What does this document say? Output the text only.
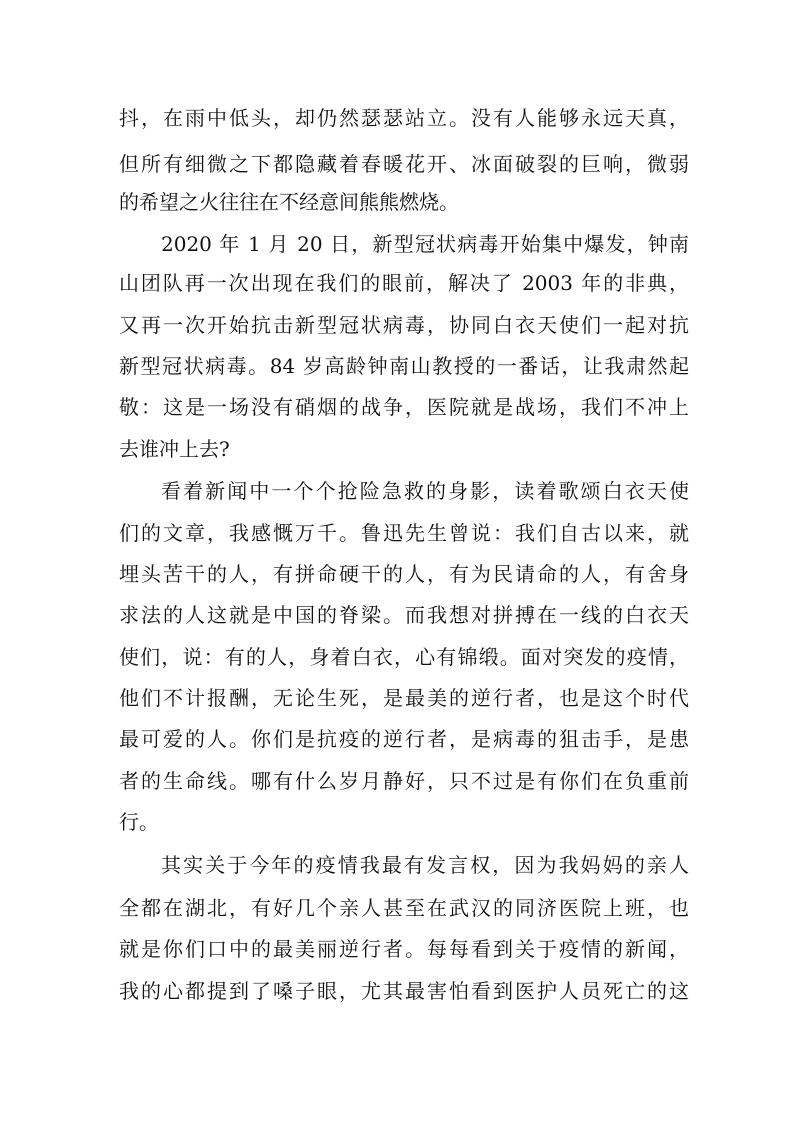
抖，在雨中低头，却仍然瑟瑟站立。没有人能够永远天真，
但所有细微之下都隐藏着春暖花开、冰面破裂的巨响，微弱
的希望之火往往在不经意间熊熊燃烧。
2020 年 1 月 20 日，新型冠状病毒开始集中爆发，钟南
山团队再一次出现在我们的眼前，解决了 2003 年的非典，
又再一次开始抗击新型冠状病毒，协同白衣天使们一起对抗
新型冠状病毒。84 岁高龄钟南山教授的一番话，让我肃然起
敬：这是一场没有硝烟的战争，医院就是战场，我们不冲上
去谁冲上去?
看着新闻中一个个抢险急救的身影，读着歌颂白衣天使
们的文章，我感慨万千。鲁迅先生曾说：我们自古以来，就
埋头苦干的人，有拼命硬干的人，有为民请命的人，有舍身
求法的人这就是中国的脊梁。而我想对拼搏在一线的白衣天
使们，说：有的人，身着白衣，心有锦缎。面对突发的疫情，
他们不计报酬，无论生死，是最美的逆行者，也是这个时代
最可爱的人。你们是抗疫的逆行者，是病毒的狙击手，是患
者的生命线。哪有什么岁月静好，只不过是有你们在负重前
行。
其实关于今年的疫情我最有发言权，因为我妈妈的亲人
全都在湖北，有好几个亲人甚至在武汉的同济医院上班，也
就是你们口中的最美丽逆行者。每每看到关于疫情的新闻，
我的心都提到了嗓子眼，尤其最害怕看到医护人员死亡的这
